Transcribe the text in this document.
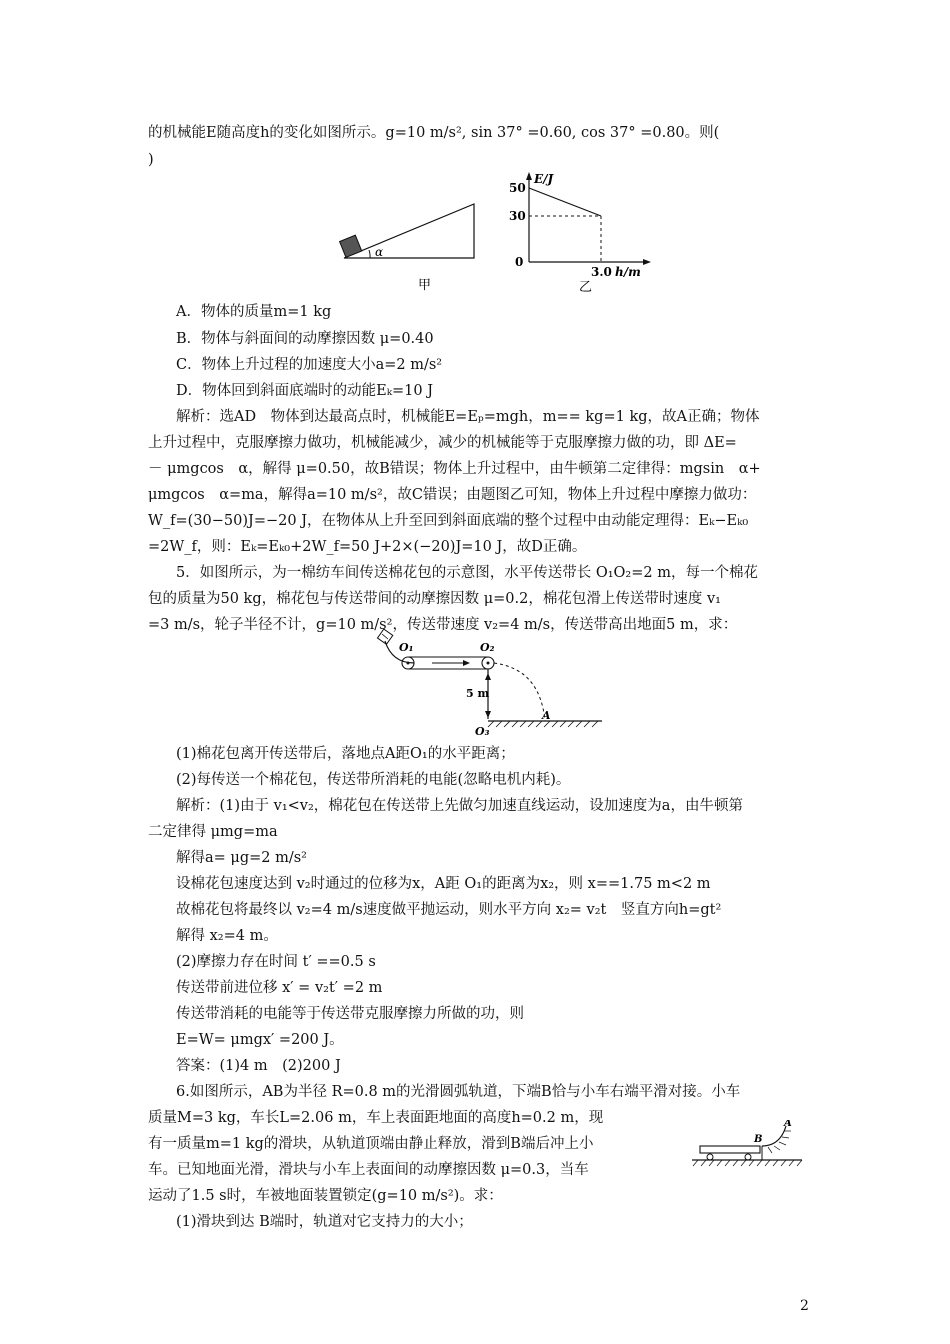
的机械能E随高度h的变化如图所示。g=10 m/s², sin 37° =0.60, cos 37° =0.80。则(
)
α
甲
E/J
50
30
0
3.0 h/m
乙
A．物体的质量m=1 kg
B．物体与斜面间的动摩擦因数 μ=0.40
C．物体上升过程的加速度大小a=2 m/s²
D．物体回到斜面底端时的动能Eₖ=10 J
解析：选AD　物体到达最高点时，机械能E=Eₚ=mgh，m== kg=1 kg，故A正确；物体
上升过程中，克服摩擦力做功，机械能减少，减少的机械能等于克服摩擦力做的功，即 ΔE=
－ μmgcos　α，解得 μ=0.50，故B错误；物体上升过程中，由牛顿第二定律得：mgsin　α+
μmgcos　α=ma，解得a=10 m/s²，故C错误；由题图乙可知，物体上升过程中摩擦力做功：
W_f=(30−50)J=−20 J，在物体从上升至回到斜面底端的整个过程中由动能定理得：Eₖ−Eₖ₀
=2W_f，则：Eₖ=Eₖ₀+2W_f=50 J+2×(−20)J=10 J，故D正确。
5．如图所示，为一棉纺车间传送棉花包的示意图，水平传送带长 O₁O₂=2 m，每一个棉花
包的质量为50 kg，棉花包与传送带间的动摩擦因数 μ=0.2，棉花包滑上传送带时速度 v₁
=3 m/s，轮子半径不计，g=10 m/s²，传送带速度 v₂=4 m/s，传送带高出地面5 m，求：
O₁	O₂
5 m
O₃
A
(1)棉花包离开传送带后，落地点A距O₁的水平距离；
(2)每传送一个棉花包，传送带所消耗的电能(忽略电机内耗)。
解析：(1)由于 v₁<v₂，棉花包在传送带上先做匀加速直线运动，设加速度为a，由牛顿第
二定律得 μmg=ma
解得a= μg=2 m/s²
设棉花包速度达到 v₂时通过的位移为x，A距 O₁的距离为x₂，则 x==1.75 m<2 m
故棉花包将最终以 v₂=4 m/s速度做平抛运动，则水平方向 x₂= v₂t　竖直方向h=gt²
解得 x₂=4 m。
(2)摩擦力存在时间 t′ ==0.5 s
传送带前进位移 x′ = v₂t′ =2 m
传送带消耗的电能等于传送带克服摩擦力所做的功，则
E=W= μmgx′ =200 J。
答案：(1)4 m　(2)200 J
6.如图所示，AB为半径 R=0.8 m的光滑圆弧轨道，下端B恰与小车右端平滑对接。小车
质量M=3 kg，车长L=2.06 m，车上表面距地面的高度h=0.2 m，现
有一质量m=1 kg的滑块，从轨道顶端由静止释放，滑到B端后冲上小
车。已知地面光滑，滑块与小车上表面间的动摩擦因数 μ=0.3，当车
运动了1.5 s时，车被地面装置锁定(g=10 m/s²)。求：
A
B
(1)滑块到达 B端时，轨道对它支持力的大小；
2
